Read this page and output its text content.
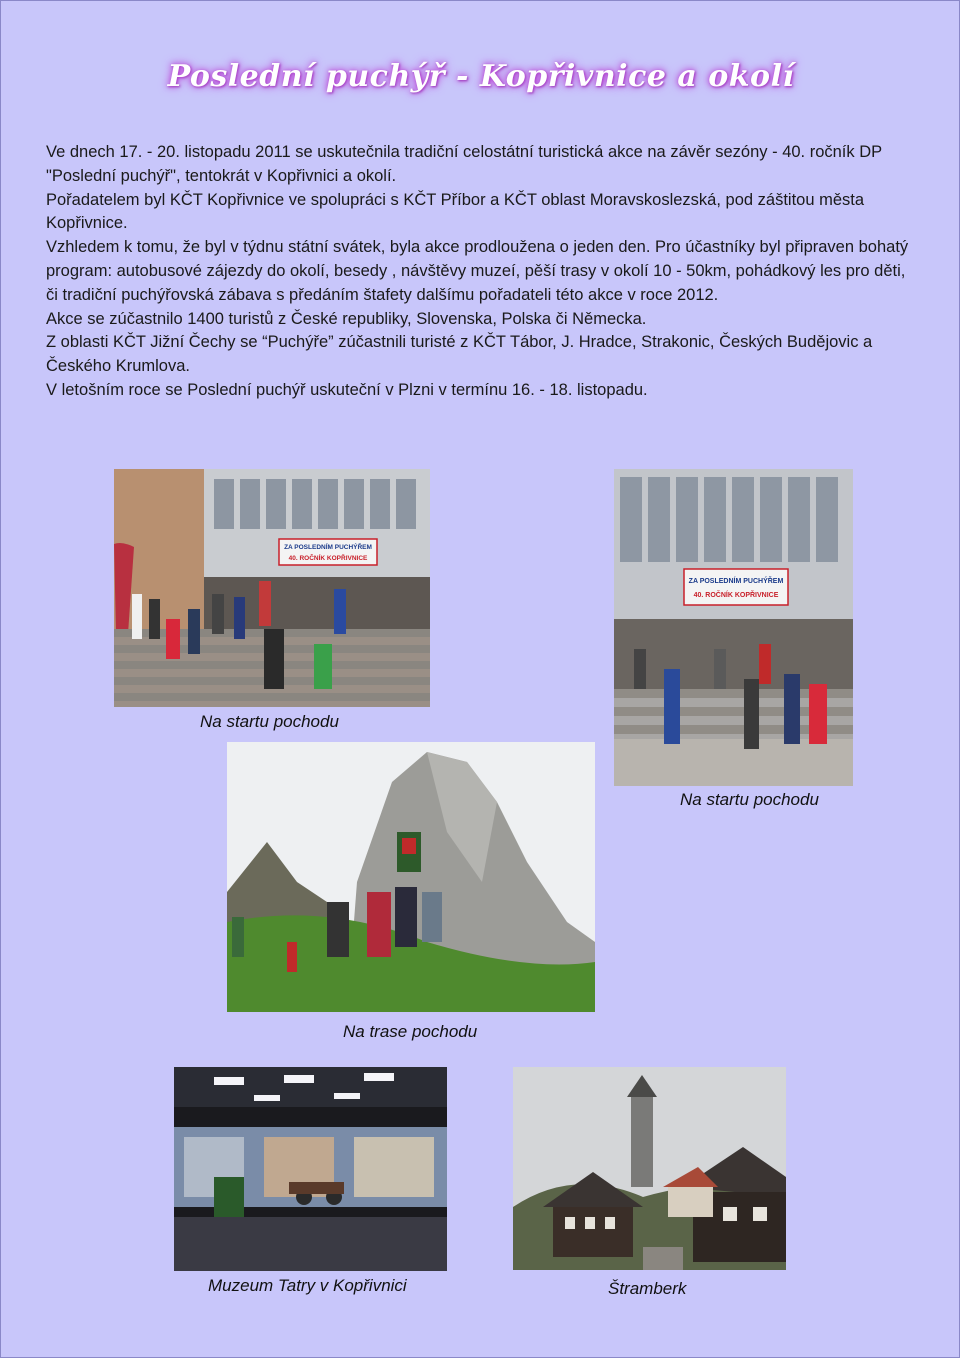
Poslední puchýř - Kopřivnice a okolí

Ve dnech 17. - 20. listopadu 2011 se uskutečnila tradiční celostátní turistická akce na závěr sezóny - 40. ročník DP "Poslední puchýř", tentokrát v Kopřivnici a okolí.

Pořadatelem byl KČT Kopřivnice ve spolupráci s KČT Příbor a KČT oblast Moravskoslezská, pod záštitou města Kopřivnice.

Vzhledem k tomu, že byl v týdnu státní svátek, byla akce prodloužena o jeden den. Pro účastníky byl připraven bohatý program: autobusové zájezdy do okolí, besedy , návštěvy muzeí, pěší trasy v okolí 10 - 50km, pohádkový les pro děti, či tradiční puchýřovská zábava s předáním štafety dalšímu pořadateli této akce v roce 2012.

Akce se zúčastnilo 1400 turistů z České republiky, Slovenska, Polska či Německa.

Z oblasti KČT Jižní Čechy se “Puchýře” zúčastnili turisté z KČT Tábor, J. Hradce, Strakonic, Českých Budějovic a Českého Krumlova.

V letošním roce se Poslední puchýř uskuteční v Plzni v termínu 16. - 18. listopadu.

ZA POSLEDNÍM PUCHÝŘEM
40. ROČNÍK KOPŘIVNICE
Na startu pochodu
ZA POSLEDNÍM PUCHÝŘEM
40. ROČNÍK KOPŘIVNICE
Na startu pochodu
Na trase pochodu
Muzeum Tatry v Kopřivnici	Štramberk
